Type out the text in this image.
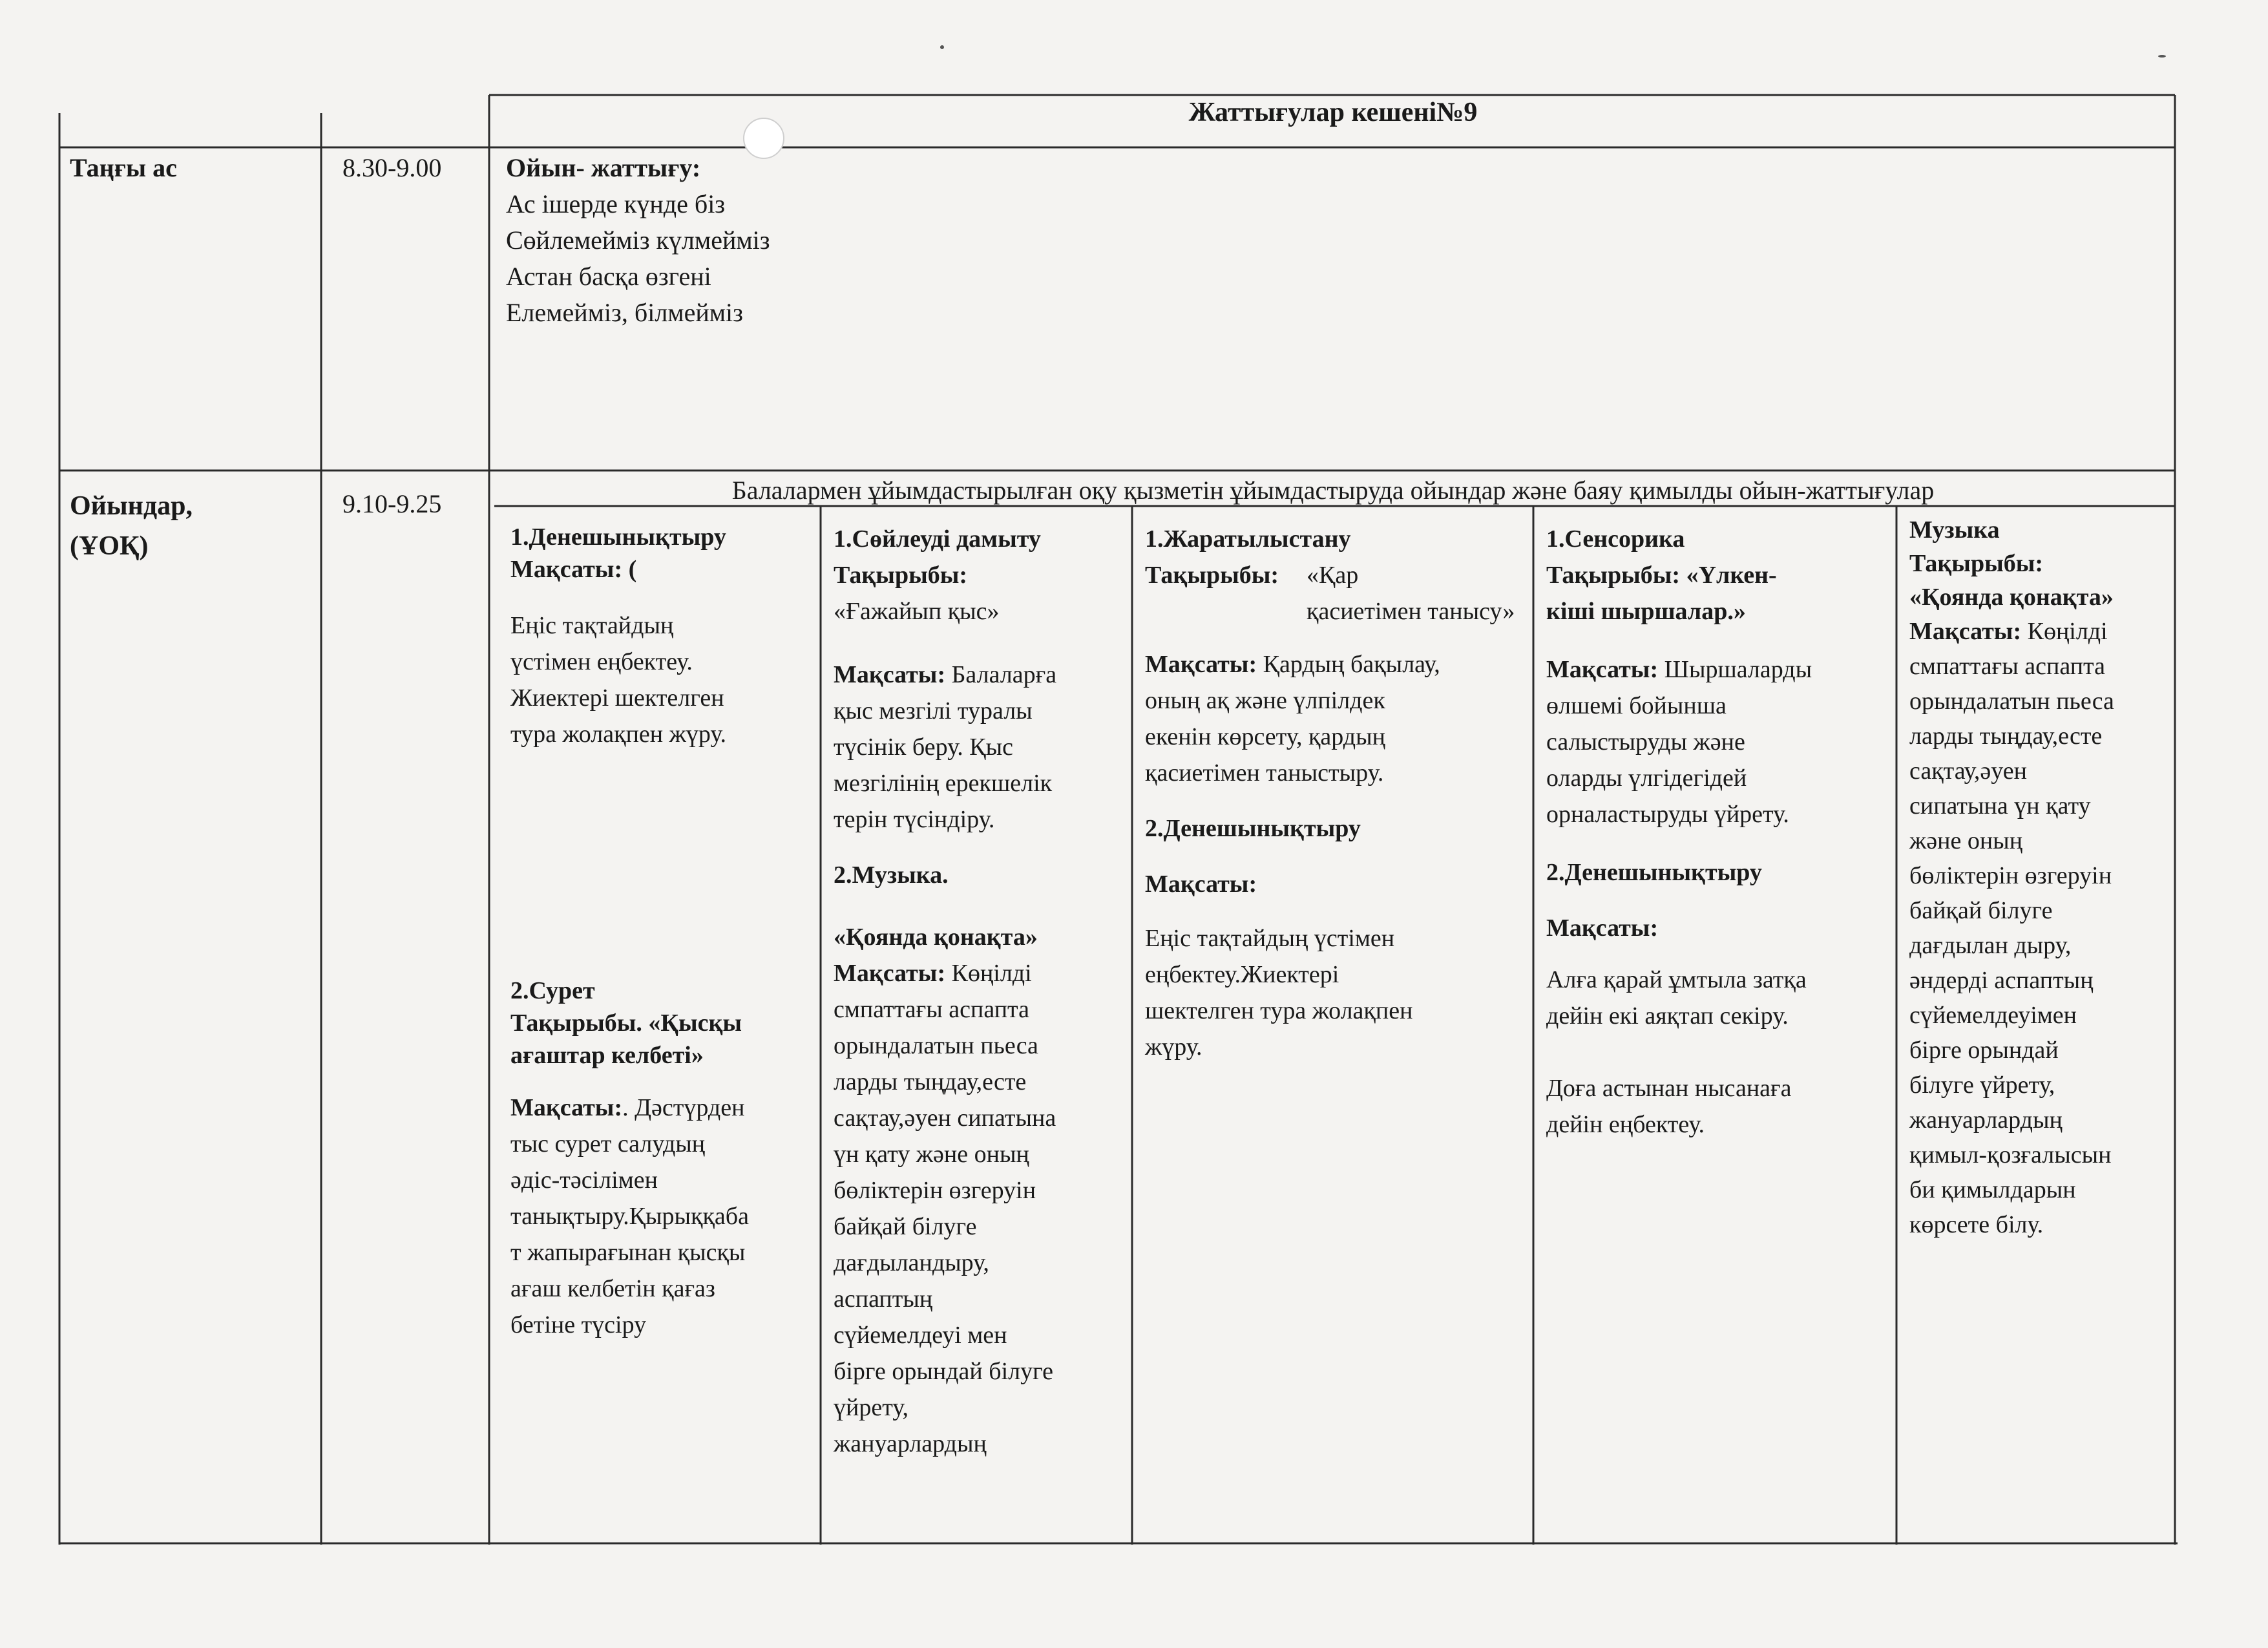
Жаттығулар кешені№9
Таңғы ас	8.30-9.00 Ойын- жаттығу:
Ас ішерде күнде біз
Сөйлемейміз күлмейміз
Астан басқа өзгені
Елемейміз, білмейміз
Ойындар,
(ҰОҚ)
9.10-9.25	Балалармен ұйымдастырылған оқу қызметін ұйымдастыруда ойындар және баяу қимылды ойын-жаттығулар
1.Денешынықтыру
Мақсаты: (
Еңіс тақтайдың
үстімен еңбектеу.
Жиектері шектелген
тура жолақпен жүру.
2.Сурет
Тақырыбы. «Қысқы
ағаштар келбеті»
Мақсаты:. Дәстүрден
тыс сурет салудың
әдіс-тәсілімен
танықтыру.Қырыққаба
т жапырағынан қысқы
ағаш келбетін қағаз
бетіне түсіру
1.Сөйлеуді дамыту
Тақырыбы:
«Ғажайып қыс»
Мақсаты: Балаларға
қыс мезгілі туралы
түсінік беру. Қыс
мезгілінің ерекшелік
терін түсіндіру.
2.Музыка.
«Қоянда қонақта»
Мақсаты: Көңілді
смпаттағы аспапта
орындалатын пьеса
ларды тыңдау,есте
сақтау,әуен сипатына
үн қату және оның
бөліктерін өзгеруін
байқай білуге
дағдыландыру,
аспаптың
сүйемелдеуі мен
бірге орындай білуге
үйрету,
жануарлардың
1.Жаратылыстану
Тақырыбы:	«Қар
қасиетімен танысу»
Мақсаты: Қардың бақылау,
оның ақ және үлпілдек
екенін көрсету, қардың
қасиетімен таныстыру.
2.Денешынықтыру
Мақсаты:
Еңіс тақтайдың үстімен
еңбектеу.Жиектері
шектелген тура жолақпен
жүру.
1.Сенсорика
Тақырыбы: «Үлкен-
кіші шыршалар.»
Мақсаты: Шыршаларды
өлшемі бойынша
салыстыруды және
оларды үлгідегідей
орналастыруды үйрету.
2.Денешынықтыру
Мақсаты:
Алға қарай ұмтыла затқа
дейін екі аяқтап секіру.

Доға астынан нысанаға
дейін еңбектеу.
Музыка
Тақырыбы:
«Қоянда қонақта»
Мақсаты: Көңілді
смпаттағы аспапта
орындалатын пьеса
ларды тыңдау,есте
сақтау,әуен
сипатына үн қату
және оның
бөліктерін өзгеруін
байқай білуге
дағдылан дыру,
әндерді аспаптың
сүйемелдеуімен
бірге орындай
білуге үйрету,
жануарлардың
қимыл-қозғалысын
би қимылдарын
көрсете білу.
